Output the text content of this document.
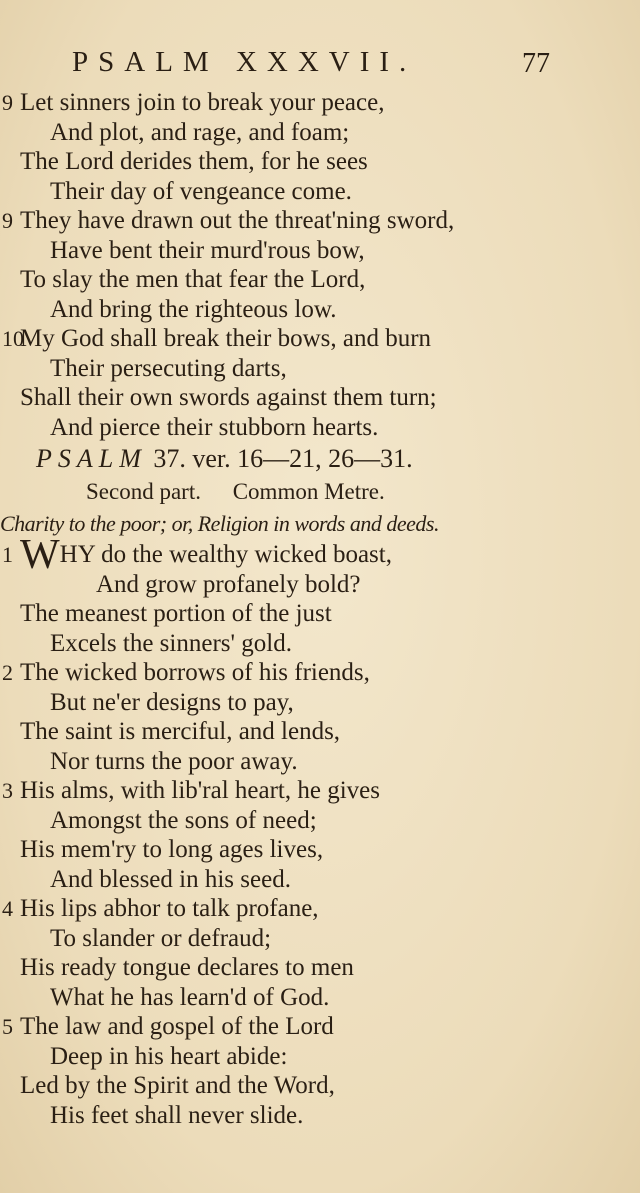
PSALM XXXVII.	77
9 Let sinners join to break your peace,
And plot, and rage, and foam;
The Lord derides them, for he sees
Their day of vengeance come.
9 They have drawn out the threat'ning sword,
Have bent their murd'rous bow,
To slay the men that fear the Lord,
And bring the righteous low.
10
My God shall break their bows, and burn
Their persecuting darts,
Shall their own swords against them turn;
And pierce their stubborn hearts.
PSALM 37. ver. 16—21, 26—31.
Second part. Common Metre.
Charity to the poor; or, Religion in words and deeds.
1 WHY do the wealthy wicked boast,
And grow profanely bold?
The meanest portion of the just
Excels the sinners' gold.
2 The wicked borrows of his friends,
But ne'er designs to pay,
The saint is merciful, and lends,
Nor turns the poor away.
3 His alms, with lib'ral heart, he gives
Amongst the sons of need;
His mem'ry to long ages lives,
And blessed in his seed.
4 His lips abhor to talk profane,
To slander or defraud;
His ready tongue declares to men
What he has learn'd of God.
5 The law and gospel of the Lord
Deep in his heart abide:
Led by the Spirit and the Word,
His feet shall never slide.
